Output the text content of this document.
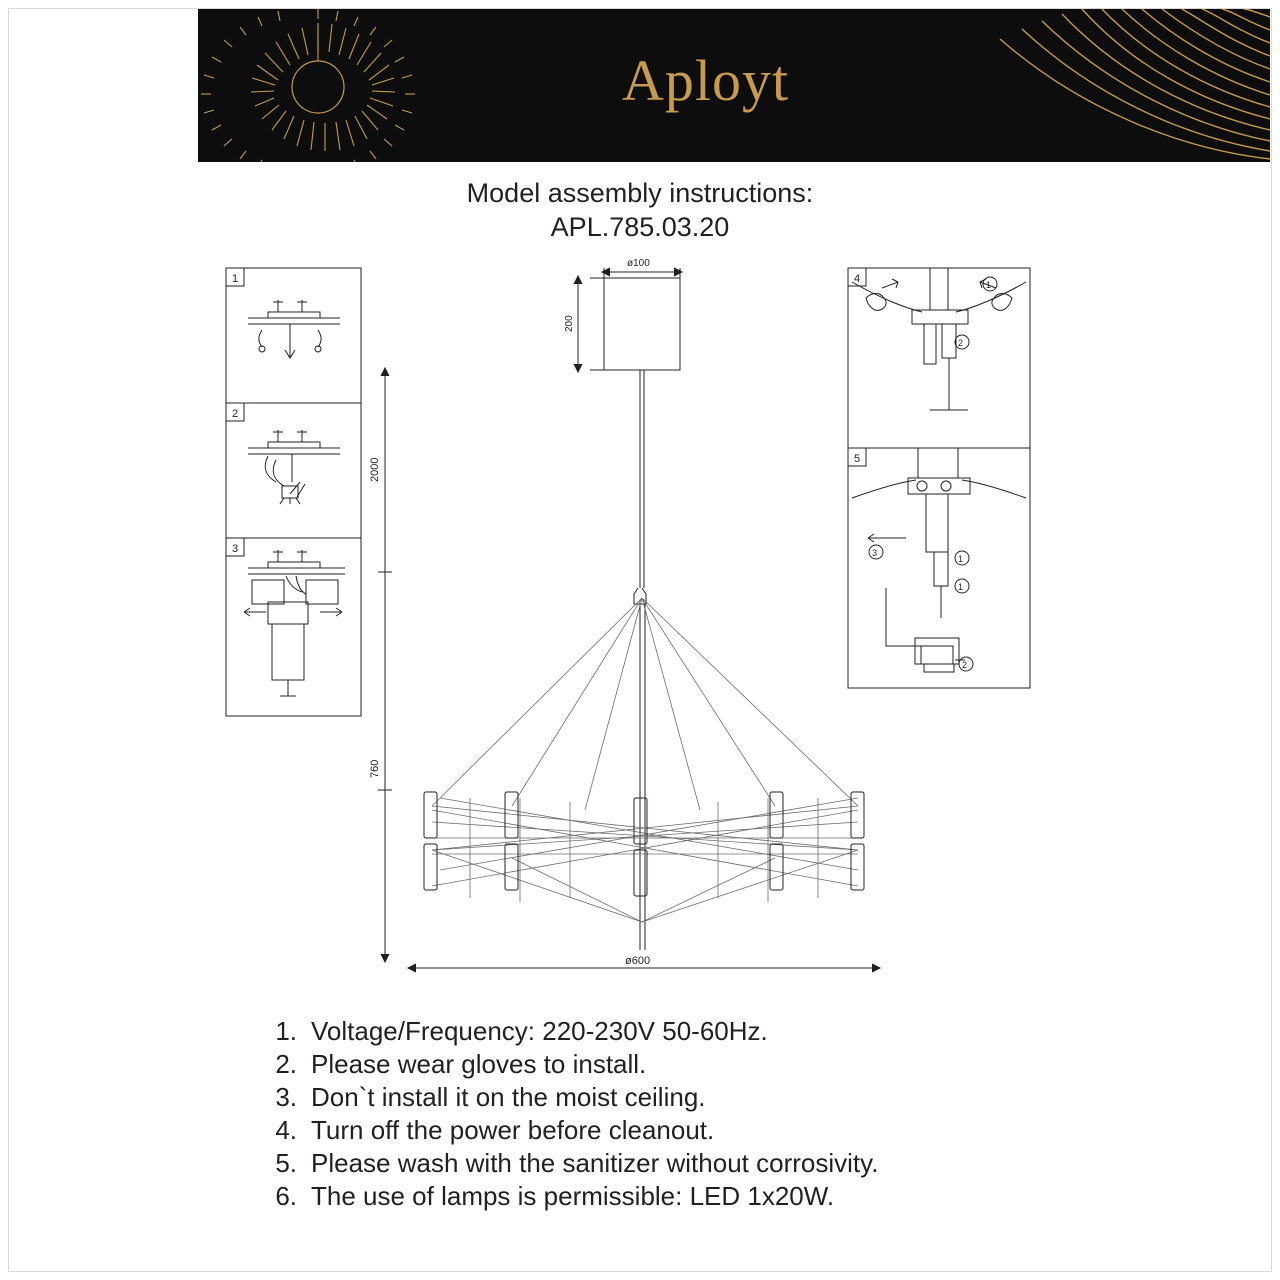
Aployt
Model assembly instructions:
APL.785.03.20
1
2
3
2000
760
200
ø100
ø600
4	1
2
5
3
1
1
2
1. Voltage/Frequency: 220-230V 50-60Hz.
2. Please wear gloves to install.
3. Don`t install it on the moist ceiling.
4. Turn off the power before cleanout.
5. Please wash with the sanitizer without corrosivity.
6. The use of lamps is permissible: LED 1x20W.
